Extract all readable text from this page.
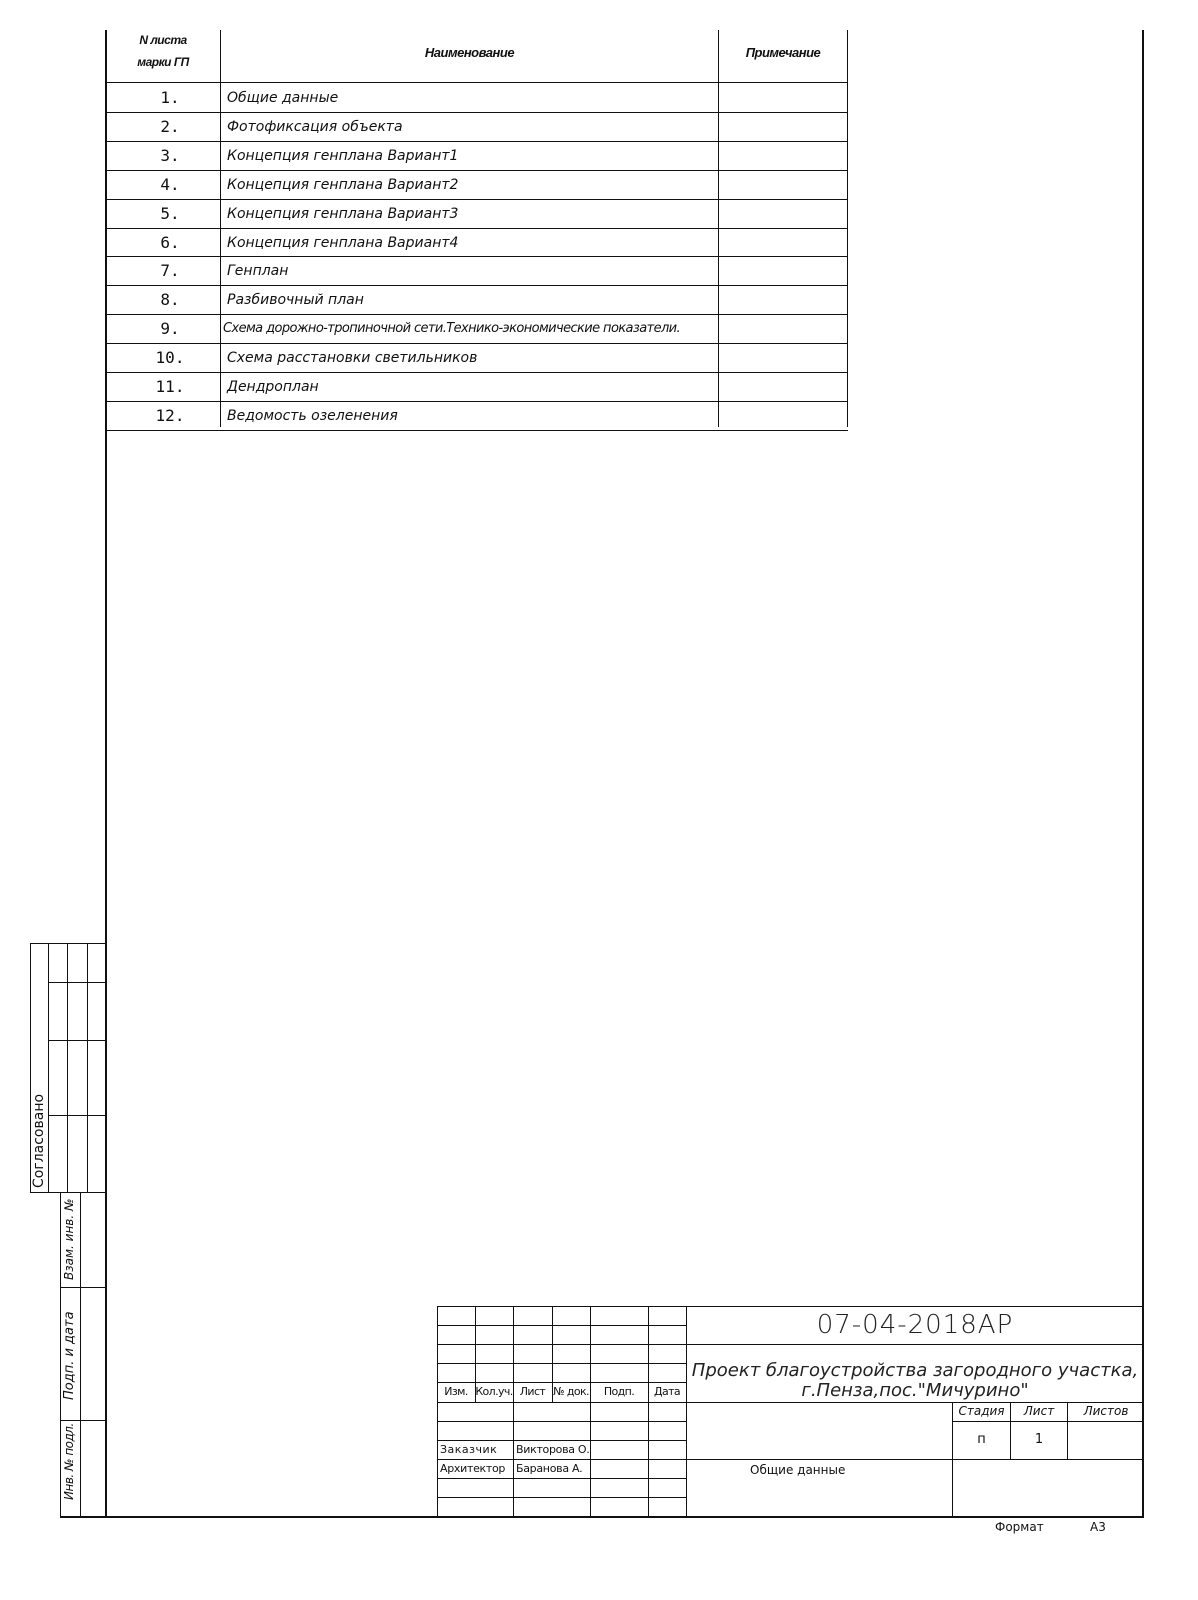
N листа
марки ГП
Наименование	Примечание
1.	Общие данные
2.	Фотофиксация объекта
3.	Концепция генплана Вариант1
4.	Концепция генплана Вариант2
5.	Концепция генплана Вариант3
6.	Концепция генплана Вариант4
7.	Генплан
8.	Разбивочный план
9.	Схема дорожно-тропиночной сети.Технико-экономические показатели.
10.	Схема расстановки светильников
11.	Дендроплан
12.	Ведомость озеленения
Согласовано
Взам. инв. №
Подп. и дата
Инв. № подл.
Изм. Кол.уч. Лист № док.	Подп.	Дата
Заказчик Викторова О.
Архитектор Баранова А.
07-04-2018АР
Проект благоустройства загородного участка,
г.Пенза,пос."Мичурино"
Стадия	Лист	Листов
п	1
Общие данные
Формат	А3
